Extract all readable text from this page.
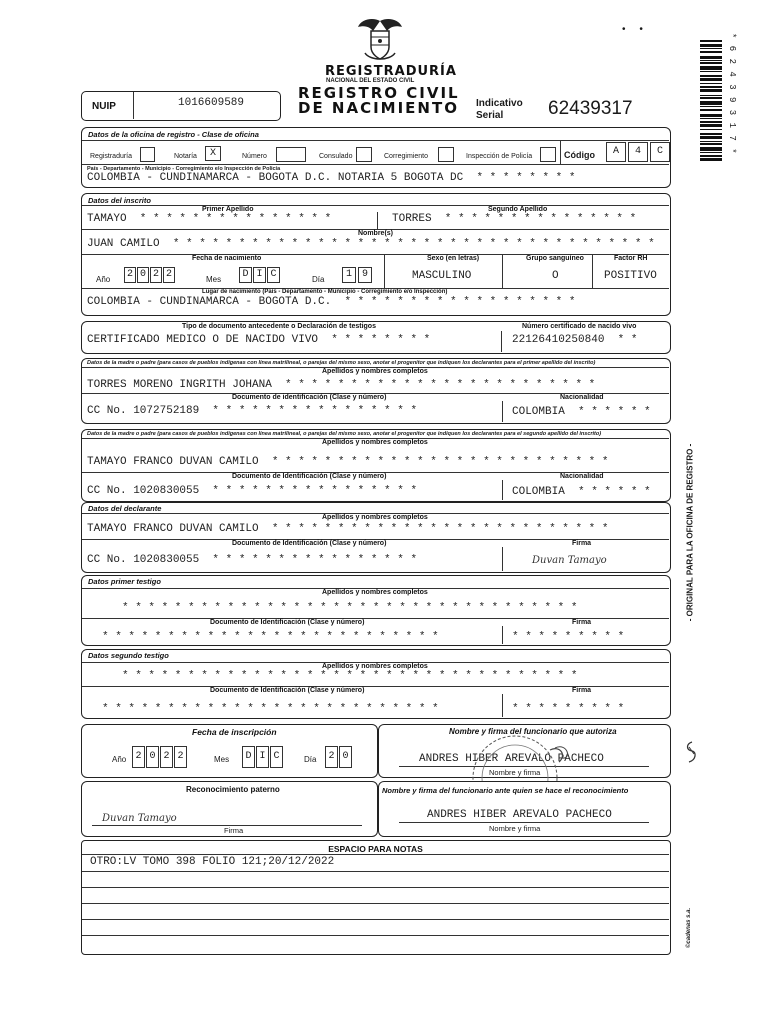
REGISTRADURÍA
NACIONAL DEL ESTADO CIVIL
REGISTRO CIVIL
DE NACIMIENTO
•     •
NUIP	1016609589	Indicativo
Serial 62439317	* 6 2 4 3 9 3 1 7 *
Datos de la oficina de registro - Clase de oficina
Registraduría	Notaría	X	Número	Consulado	Corregimiento	Inspección de Policía	Código	A	4	C
País - Departamento - Municipio - Corregimiento e/o Inspección de Policía
COLOMBIA - CUNDINAMARCA - BOGOTA D.C. NOTARIA 5 BOGOTA DC  * * * * * * * *
Datos del inscrito
Primer Apellido	Segundo Apellido
TAMAYO  * * * * * * * * * * * * * * *	TORRES  * * * * * * * * * * * * * * *
Nombre(s)
JUAN CAMILO  * * * * * * * * * * * * * * * * * * * * * * * * * * * * * * * * * * * * *
Fecha de nacimiento	Sexo (en letras)	Grupo sanguíneo	Factor RH
Año 2 0 2 2	Mes	D I C	Día	1 9	MASCULINO	O	POSITIVO
Lugar de nacimiento (País - Departamento - Municipio - Corregimiento e/o Inspección)
COLOMBIA - CUNDINAMARCA - BOGOTA D.C.  * * * * * * * * * * * * * * * * * *
Tipo de documento antecedente o Declaración de testigos	Número certificado de nacido vivo
CERTIFICADO MEDICO O DE NACIDO VIVO  * * * * * * * *	22126410250840  * *
Datos de la madre o padre (para casos de pueblos indígenas con línea matrilineal, o parejas del mismo sexo, anotar el progenitor que indiquen los declarantes para el primer apellido del inscrito)
Apellidos y nombres completos
TORRES MORENO INGRITH JOHANA  * * * * * * * * * * * * * * * * * * * * * * * *
Documento de identificación (Clase y número)	Nacionalidad
CC No. 1072752189  * * * * * * * * * * * * * * * *	COLOMBIA  * * * * * *
Datos de la madre o padre (para casos de pueblos indígenas con línea matrilineal, o parejas del mismo sexo, anotar el progenitor que indiquen los declarantes para el segundo apellido del inscrito)
Apellidos y nombres completos
TAMAYO FRANCO DUVAN CAMILO  * * * * * * * * * * * * * * * * * * * * * * * * * *
Documento de Identificación (Clase y número)	Nacionalidad
CC No. 1020830055  * * * * * * * * * * * * * * * *	COLOMBIA  * * * * * *
Datos del declarante
Apellidos y nombres completos
TAMAYO FRANCO DUVAN CAMILO  * * * * * * * * * * * * * * * * * * * * * * * * * *
Documento de Identificación (Clase y número)	Firma
CC No. 1020830055  * * * * * * * * * * * * * * * *	Duvan Tamayo
Datos primer testigo
Apellidos y nombres completos
* * * * * * * * * * * * * * * * * * * * * * * * * * * * * * * * * * *
Documento de Identificación (Clase y número)	Firma
* * * * * * * * * * * * * * * * * * * * * * * * * *	* * * * * * * * *
Datos segundo testigo
Apellidos y nombres completos
* * * * * * * * * * * * * * * * * * * * * * * * * * * * * * * * * * *
Documento de Identificación (Clase y número)	Firma
* * * * * * * * * * * * * * * * * * * * * * * * * *	* * * * * * * * *
Fecha de inscripción
Año 2 0 2 2	Mes	D I C	Día	2 0
Nombre y firma del funcionario que autoriza
ANDRES HIBER AREVALO PACHECO
Nombre y firma
Reconocimiento paterno
Duvan Tamayo
Firma
Nombre y firma del funcionario ante quien se hace el reconocimiento
ANDRES HIBER AREVALO PACHECO
Nombre y firma
ESPACIO PARA NOTAS
OTRO:LV TOMO 398 FOLIO 121;20/12/2022
- ORIGINAL PARA LA OFICINA DE REGISTRO -
©cadenas s.a.
